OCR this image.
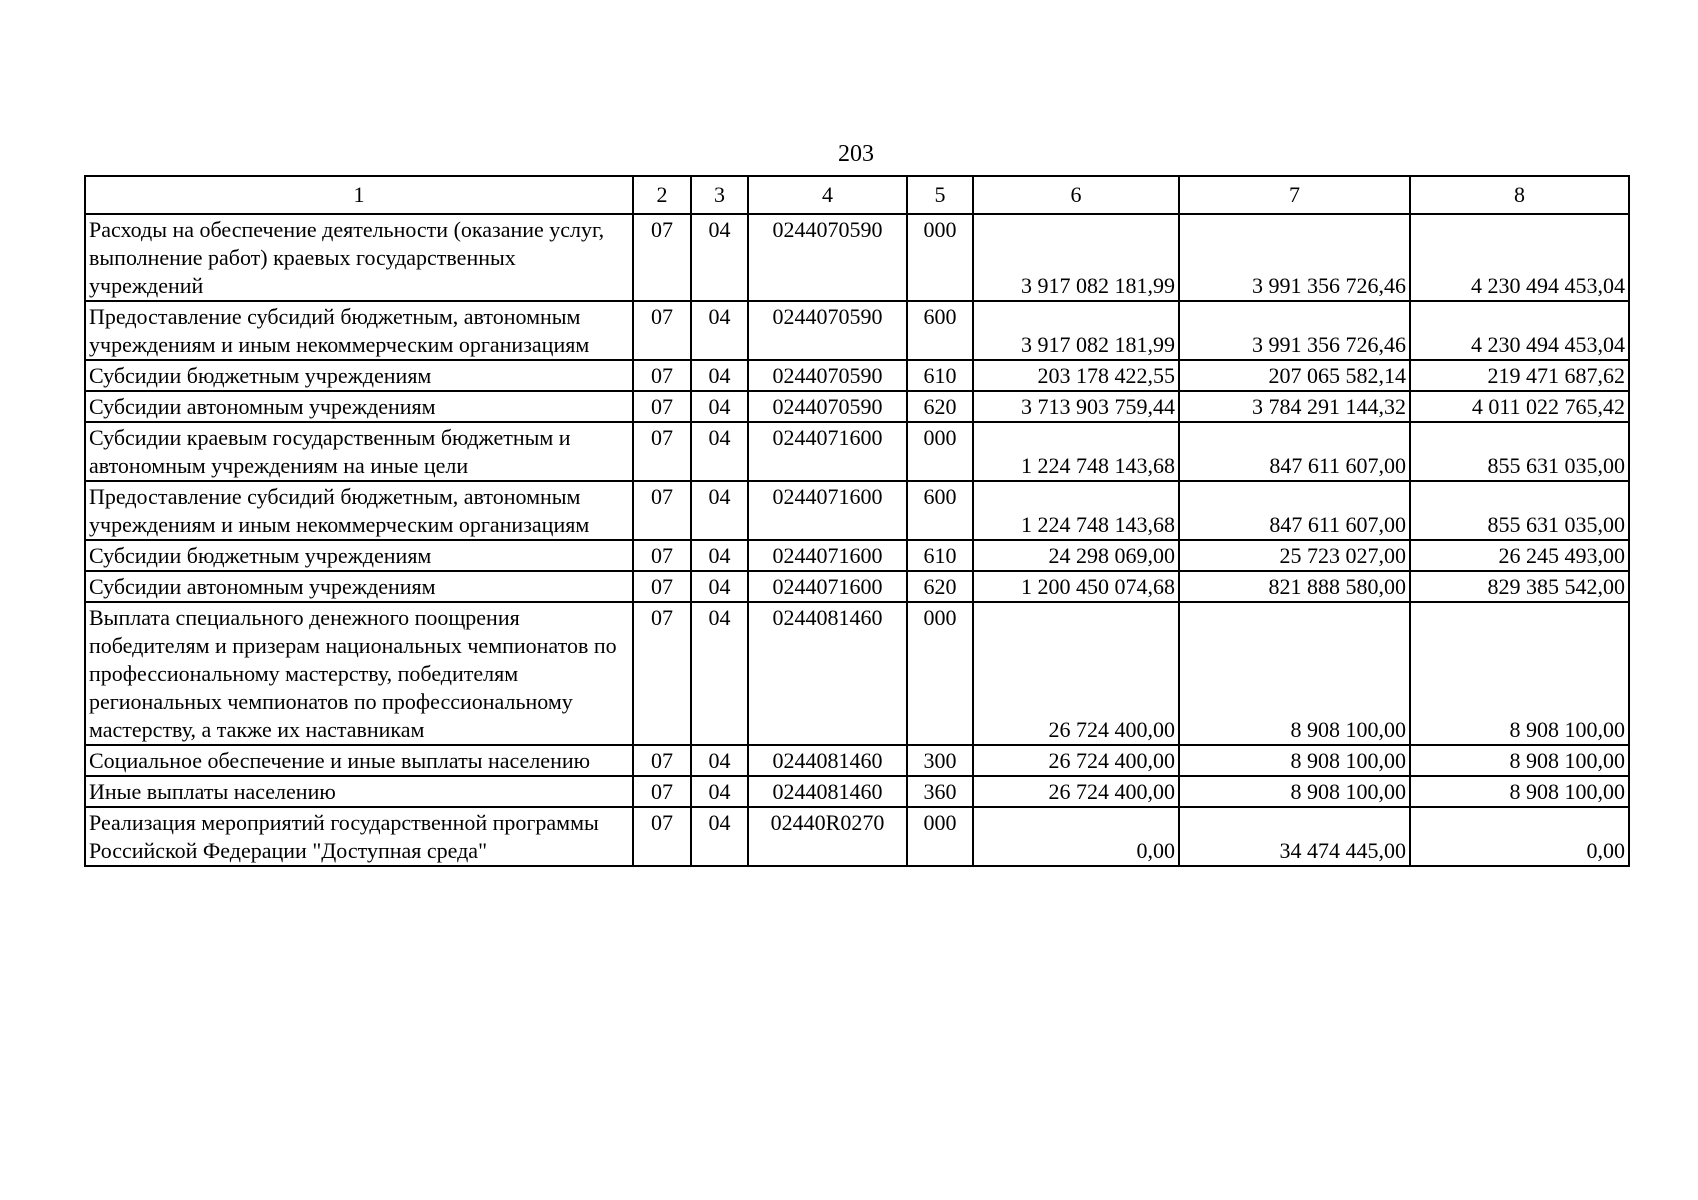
203
1	2	3	4	5	6	7	8
Расходы на обеспечение деятельности (оказание услуг, выполнение работ) краевых государственных учреждений	07	04	0244070590	000	3 917 082 181,99	3 991 356 726,46	4 230 494 453,04
Предоставление субсидий бюджетным, автономным учреждениям и иным некоммерческим организациям	07	04	0244070590	600	3 917 082 181,99	3 991 356 726,46	4 230 494 453,04
Субсидии бюджетным учреждениям	07	04	0244070590	610	203 178 422,55	207 065 582,14	219 471 687,62
Субсидии автономным учреждениям	07	04	0244070590	620	3 713 903 759,44	3 784 291 144,32	4 011 022 765,42
Субсидии краевым государственным бюджетным и автономным учреждениям на иные цели	07	04	0244071600	000	1 224 748 143,68	847 611 607,00	855 631 035,00
Предоставление субсидий бюджетным, автономным учреждениям и иным некоммерческим организациям	07	04	0244071600	600	1 224 748 143,68	847 611 607,00	855 631 035,00
Субсидии бюджетным учреждениям	07	04	0244071600	610	24 298 069,00	25 723 027,00	26 245 493,00
Субсидии автономным учреждениям	07	04	0244071600	620	1 200 450 074,68	821 888 580,00	829 385 542,00
Выплата специального денежного поощрения победителям и призерам национальных чемпионатов по профессиональному мастерству, победителям региональных чемпионатов по профессиональному мастерству, а также их наставникам	07	04	0244081460	000	26 724 400,00	8 908 100,00	8 908 100,00
Социальное обеспечение и иные выплаты населению	07	04	0244081460	300	26 724 400,00	8 908 100,00	8 908 100,00
Иные выплаты населению	07	04	0244081460	360	26 724 400,00	8 908 100,00	8 908 100,00
Реализация мероприятий государственной программы Российской Федерации "Доступная среда"	07	04	02440R0270	000	0,00	34 474 445,00	0,00
